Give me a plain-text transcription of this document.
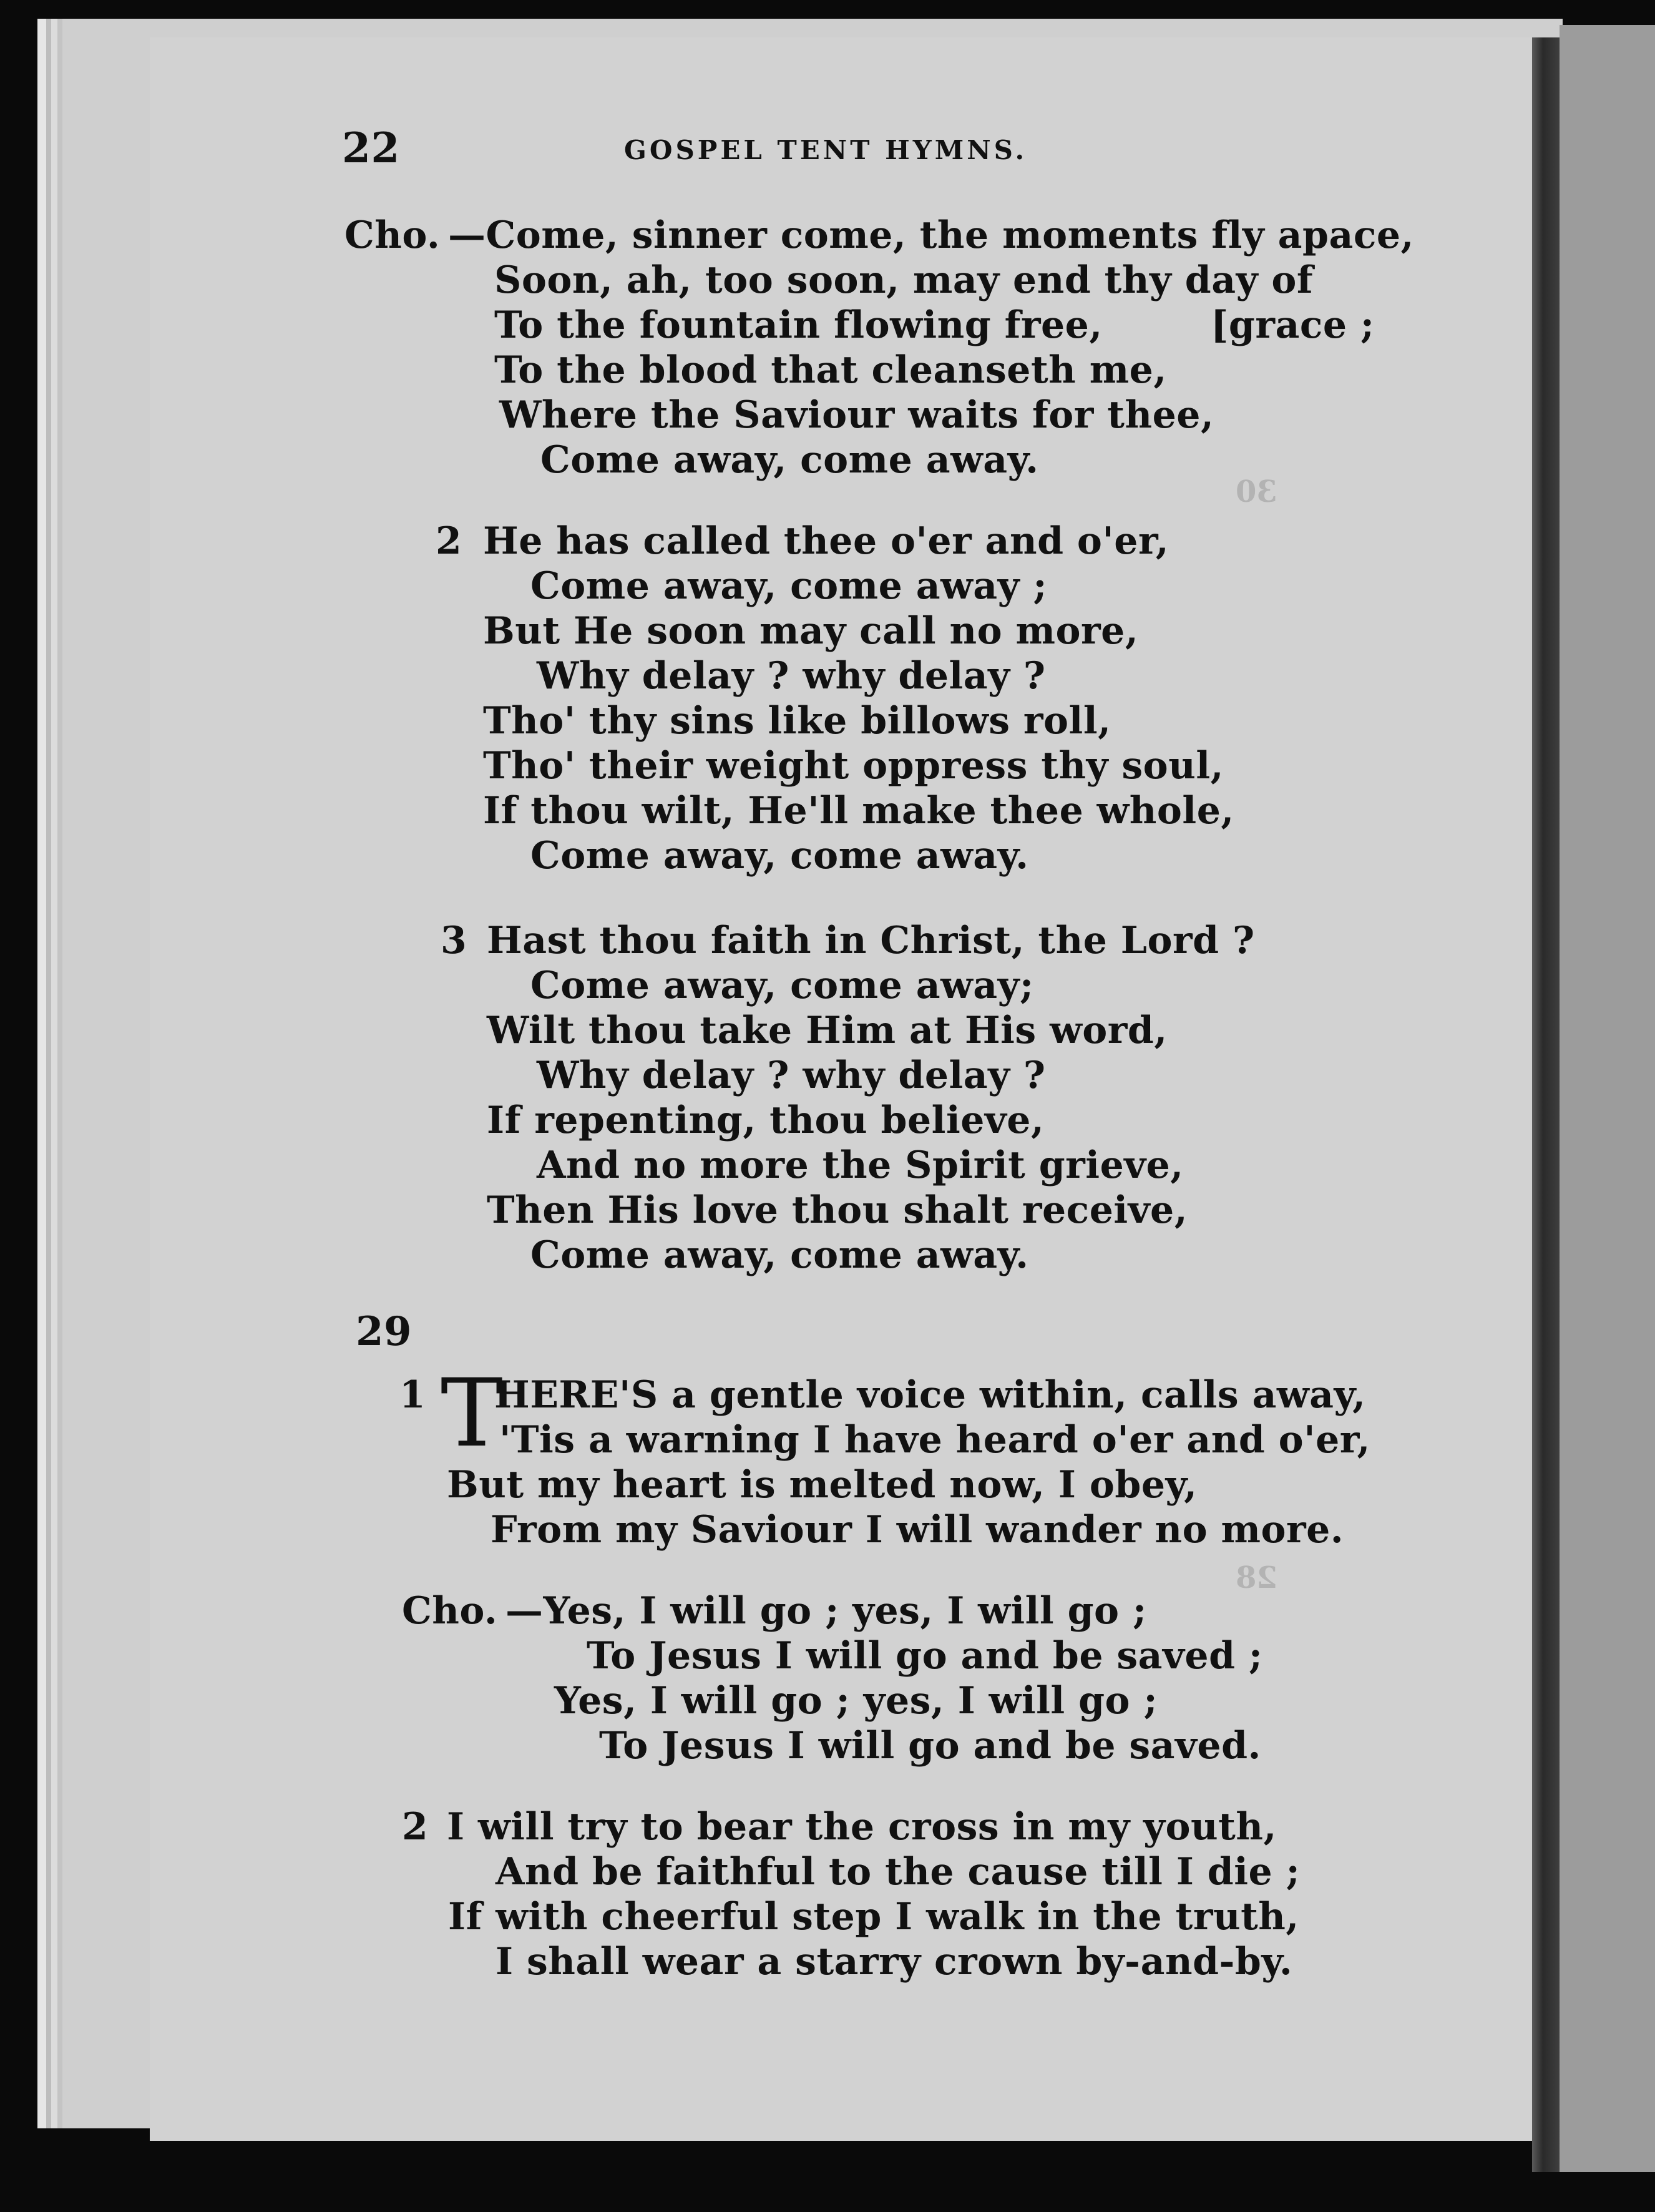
30
28
22	GOSPEL TENT HYMNS.
Cho. —Come, sinner come, the moments fly apace,
Soon, ah, too soon, may end thy day of
To the fountain flowing free,	[grace ;
To the blood that cleanseth me,
Where the Saviour waits for thee,
Come away, come away.
2 He has called thee o'er and o'er,
Come away, come away ;
But He soon may call no more,
Why delay ? why delay ?
Tho' thy sins like billows roll,
Tho' their weight oppress thy soul,
If thou wilt, He'll make thee whole,
Come away, come away.
3 Hast thou faith in Christ, the Lord ?
Come away, come away;
Wilt thou take Him at His word,
Why delay ? why delay ?
If repenting, thou believe,
And no more the Spirit grieve,
Then His love thou shalt receive,
Come away, come away.
29
1 T
HERE'S a gentle voice within, calls away,
'Tis a warning I have heard o'er and o'er,
But my heart is melted now, I obey,
From my Saviour I will wander no more.
Cho. —Yes, I will go ; yes, I will go ;
To Jesus I will go and be saved ;
Yes, I will go ; yes, I will go ;
To Jesus I will go and be saved.
2 I will try to bear the cross in my youth,
And be faithful to the cause till I die ;
If with cheerful step I walk in the truth,
I shall wear a starry crown by-and-by.
